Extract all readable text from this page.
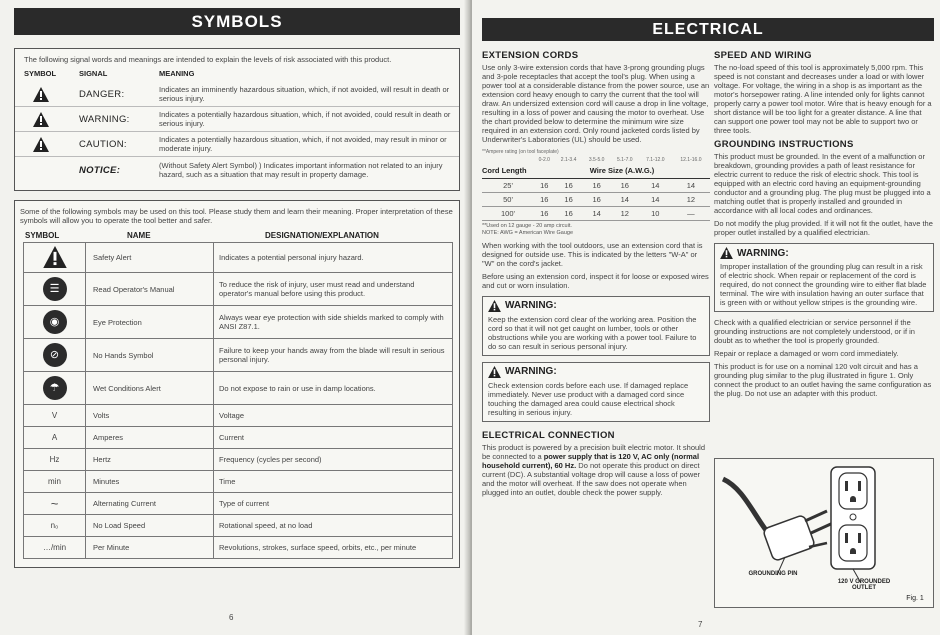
SYMBOLS
The following signal words and meanings are intended to explain the levels of risk associated with this product.
SYMBOL	SIGNAL	MEANING
DANGER:	Indicates an imminently hazardous situation, which, if not avoided, will result in death or serious injury.
WARNING:	Indicates a potentially hazardous situation, which, if not avoided, could result in death or serious injury.
CAUTION:	Indicates a potentially hazardous situation, which, if not avoided, may result in minor or moderate injury.
NOTICE:	(Without Safety Alert Symbol) ) Indicates important information not related to an injury hazard, such as a situation that may result in property damage.
Some of the following symbols may be used on this tool. Please study them and learn their meaning. Proper interpretation of these symbols will allow you to operate the tool better and safer.
SYMBOL	NAME	DESIGNATION/EXPLANATION
	Safety Alert	Indicates a potential personal injury hazard.
☰	Read Operator's Manual	To reduce the risk of injury, user must read and understand operator's manual before using this product.
◉	Eye Protection	Always wear eye protection with side shields marked to comply with ANSI Z87.1.
⊘	No Hands Symbol	Failure to keep your hands away from the blade will result in serious personal injury.
☂	Wet Conditions Alert	Do not expose to rain or use in damp locations.
V	Volts	Voltage
A	Amperes	Current
Hz	Hertz	Frequency (cycles per second)
min	Minutes	Time
~	Alternating Current	Type of current
n₀	No Load Speed	Rotational speed, at no load
…/min	Per Minute	Revolutions, strokes, surface speed, orbits, etc., per minute
6
ELECTRICAL
EXTENSION CORDS
Use only 3-wire extension cords that have 3-prong grounding plugs and 3-pole receptacles that accept the tool's plug. When using a power tool at a considerable distance from the power source, use an extension cord heavy enough to carry the current that the tool will draw. An undersized extension cord will cause a drop in line voltage, resulting in a loss of power and causing the motor to overheat. Use the chart provided below to determine the minimum wire size required in an extension cord. Only round jacketed cords listed by Underwriter's Laboratories (UL) should be used.
**Ampere rating (on tool faceplate)						
	0-2.0	2.1-3.4	3.5-5.0	5.1-7.0	7.1-12.0	12.1-16.0
Cord Length	Wire Size (A.W.G.)					
25'	16	16	16	16	14	14
50'	16	16	16	14	14	12
100'	16	16	14	12	10	—
**Used on 12 gauge - 20 amp circuit.
NOTE: AWG = American Wire Gauge
When working with the tool outdoors, use an extension cord that is designed for outside use. This is indicated by the letters "W-A" or "W" on the cord's jacket.
Before using an extension cord, inspect it for loose or exposed wires and cut or worn insulation.
WARNING:
Keep the extension cord clear of the working area. Position the cord so that it will not get caught on lumber, tools or other obstructions while you are working with a power tool. Failure to do so can result in serious personal injury.
WARNING:
Check extension cords before each use. If damaged replace immediately. Never use product with a damaged cord since touching the damaged area could cause electrical shock resulting in serious injury.
ELECTRICAL CONNECTION
This product is powered by a precision built electric motor. It should be connected to a power supply that is 120 V, AC only (normal household current), 60 Hz. Do not operate this product on direct current (DC). A substantial voltage drop will cause a loss of power and the motor will overheat. If the saw does not operate when plugged into an outlet, double check the power supply.
SPEED AND WIRING
The no-load speed of this tool is approximately 5,000 rpm. This speed is not constant and decreases under a load or with lower voltage. For voltage, the wiring in a shop is as important as the motor's horsepower rating. A line intended only for lights cannot properly carry a power tool motor. Wire that is heavy enough for a short distance will be too light for a greater distance. A line that can support one power tool may not be able to support two or three tools.
GROUNDING INSTRUCTIONS
This product must be grounded. In the event of a malfunction or breakdown, grounding provides a path of least resistance for electric current to reduce the risk of electric shock. This tool is equipped with an electric cord having an equipment-grounding conductor and a grounding plug. The plug must be plugged into a matching outlet that is properly installed and grounded in accordance with all local codes and ordinances.
Do not modify the plug provided. If it will not fit the outlet, have the proper outlet installed by a qualified electrician.
WARNING:
Improper installation of the grounding plug can result in a risk of electric shock. When repair or replacement of the cord is required, do not connect the grounding wire to either flat blade terminal. The wire with insulation having an outer surface that is green with or without yellow stripes is the grounding wire.
Check with a qualified electrician or service personnel if the grounding instructions are not completely understood, or if in doubt as to whether the tool is properly grounded.
Repair or replace a damaged or worn cord immediately.
This product is for use on a nominal 120 volt circuit and has a grounding plug similar to the plug illustrated in figure 1. Only connect the product to an outlet having the same configuration as the plug. Do not use an adapter with this product.
GROUNDING PIN
120 V GROUNDED OUTLET
Fig. 1
7
